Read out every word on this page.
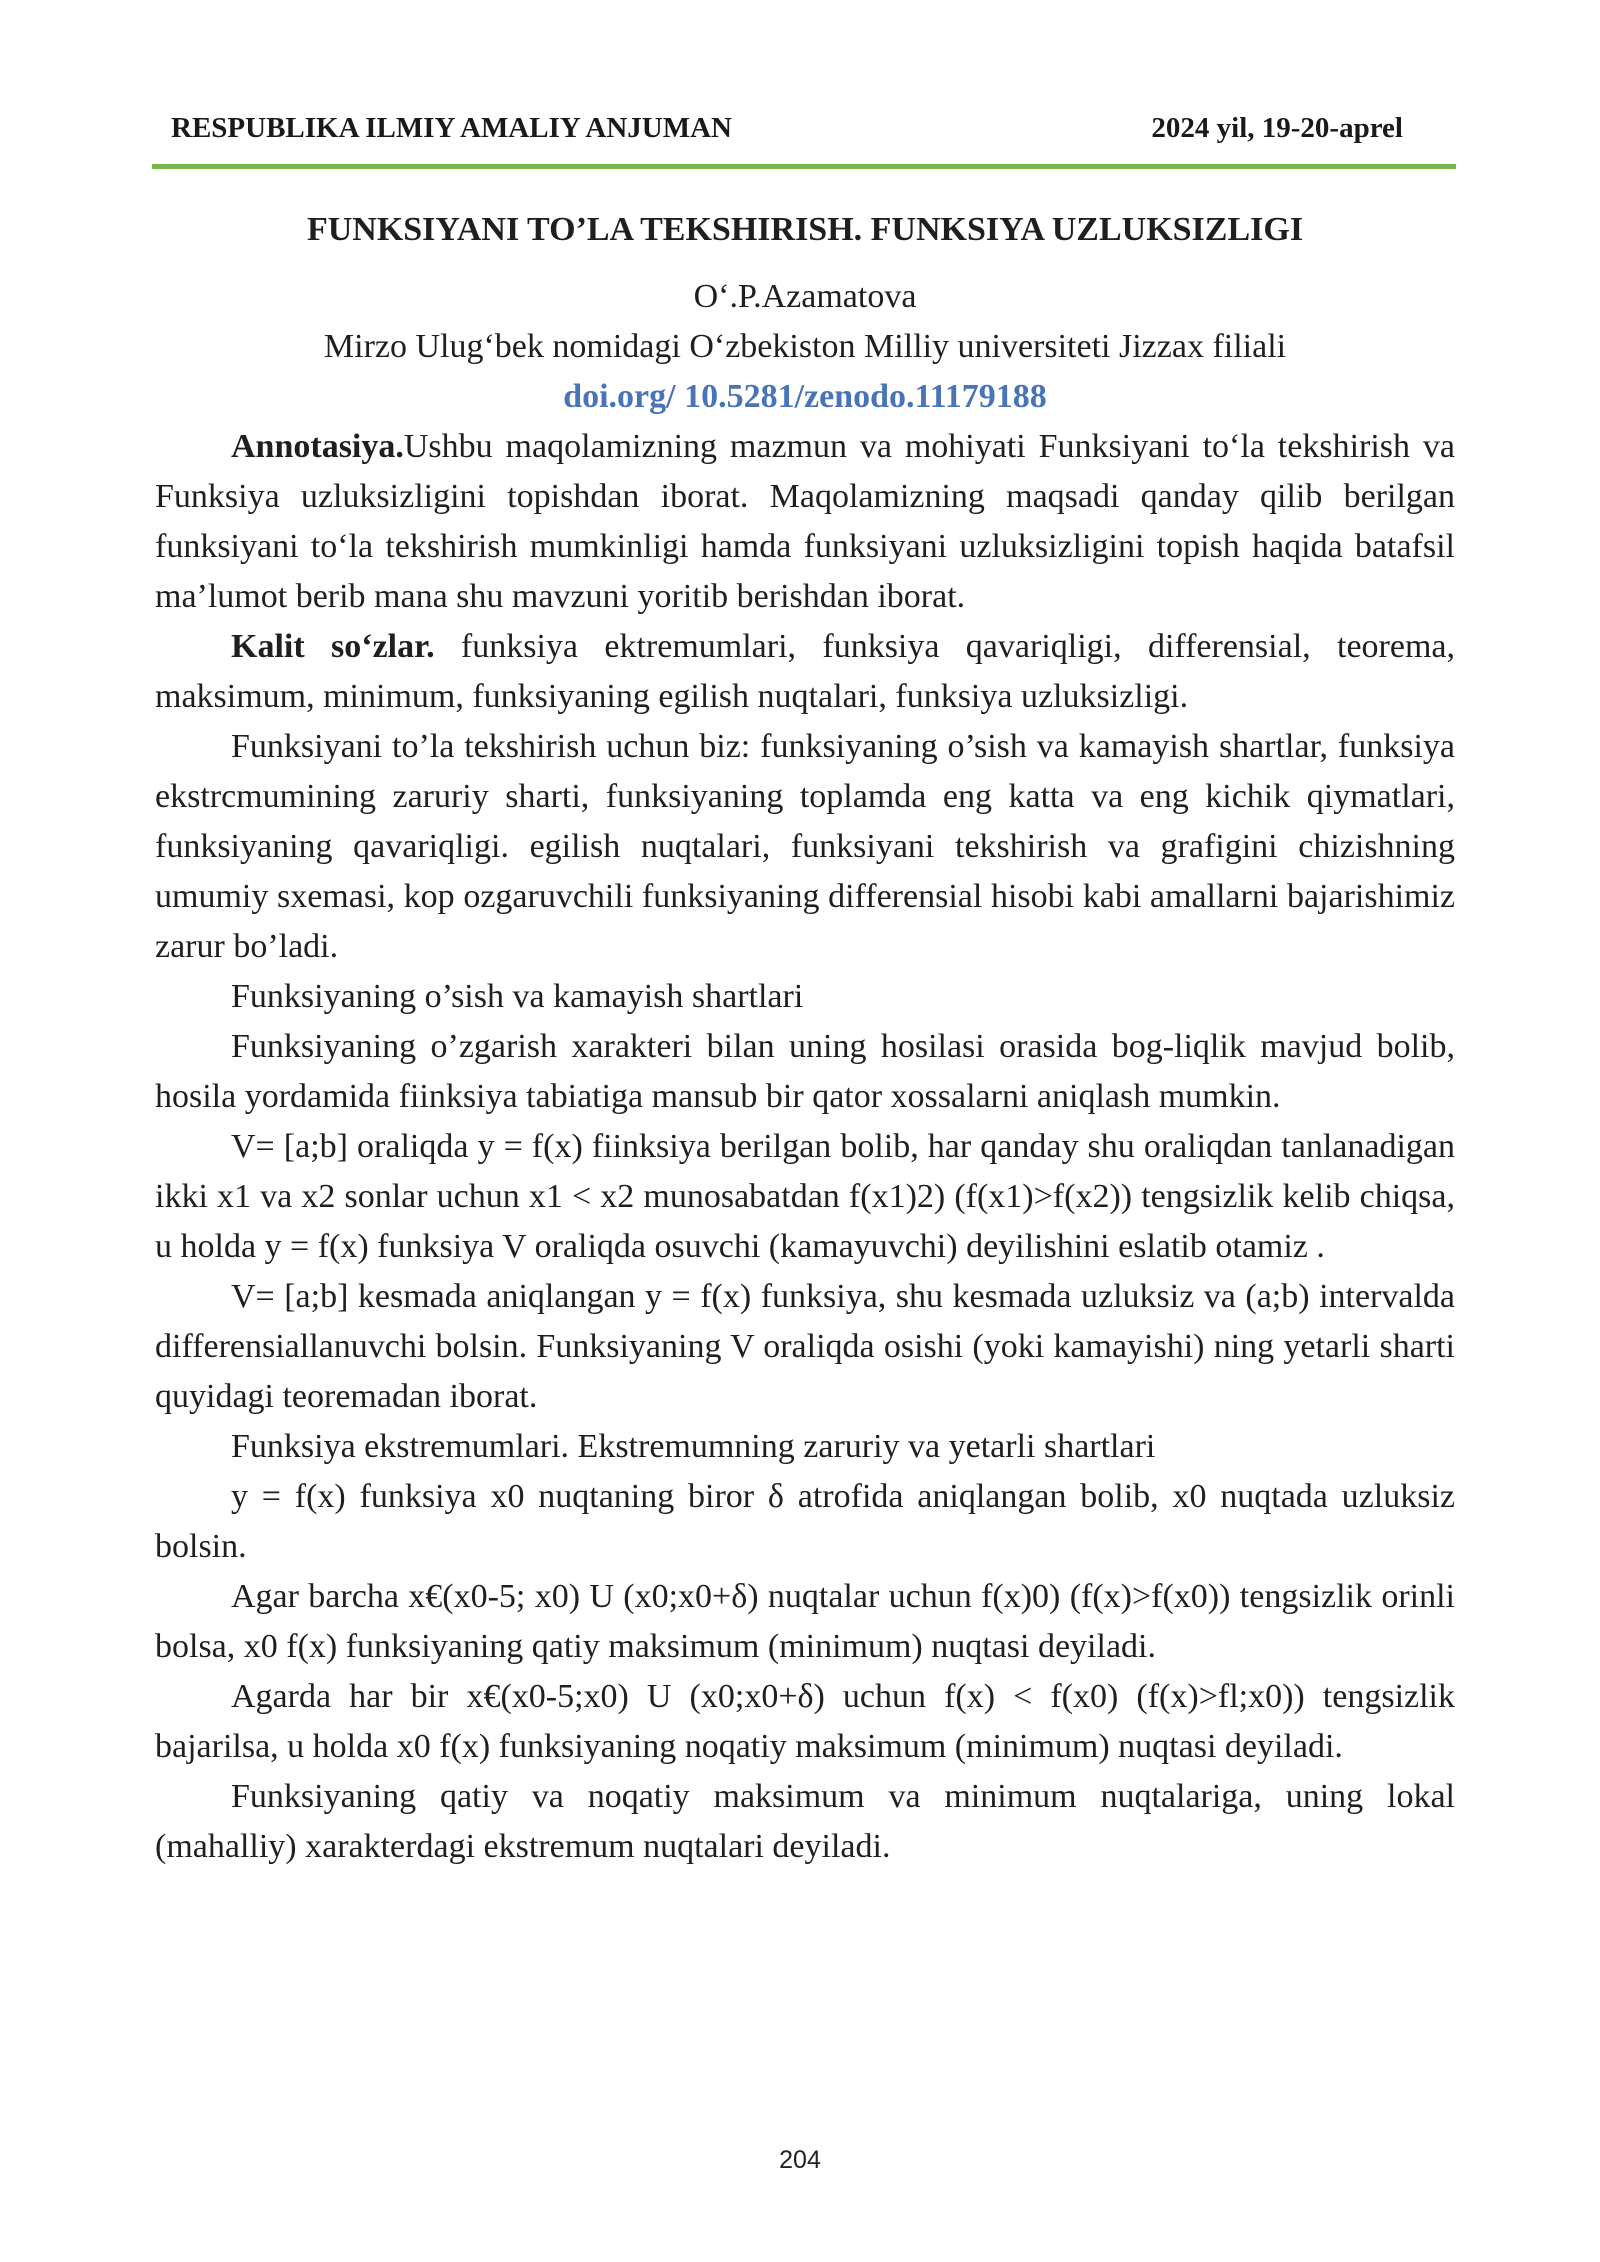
RESPUBLIKA ILMIY AMALIY ANJUMAN	2024 yil, 19-20-aprel
FUNKSIYANI TO’LA TEKSHIRISH. FUNKSIYA UZLUKSIZLIGI

O‘.P.Azamatova

Mirzo Ulug‘bek nomidagi O‘zbekiston Milliy universiteti Jizzax filiali

doi.org/ 10.5281/zenodo.11179188

Annotasiya.Ushbu maqolamizning mazmun va mohiyati Funksiyani to‘la tekshirish va Funksiya uzluksizligini topishdan iborat. Maqolamizning maqsadi qanday qilib berilgan funksiyani to‘la tekshirish mumkinligi hamda funksiyani uzluksizligini topish haqida batafsil ma’lumot berib mana shu mavzuni yoritib berishdan iborat.

Kalit so‘zlar. funksiya ektremumlari, funksiya qavariqligi, differensial, teorema, maksimum, minimum, funksiyaning egilish nuqtalari, funksiya uzluksizligi.

Funksiyani to’la tekshirish uchun biz: funksiyaning o’sish va kamayish shartlar, funksiya ekstrcmumining zaruriy sharti, funksiyaning toplamda eng katta va eng kichik qiymatlari, funksiyaning qavariqligi. egilish nuqtalari, funksiyani tekshirish va grafigini chizishning umumiy sxemasi, kop ozgaruvchili funksiyaning differensial hisobi kabi amallarni bajarishimiz zarur bo’ladi.

Funksiyaning o’sish va kamayish shartlari

Funksiyaning o’zgarish xarakteri bilan uning hosilasi orasida bog-liqlik mavjud bolib, hosila yordamida fiinksiya tabiatiga mansub bir qator xossalarni aniqlash mumkin.

V= [a;b] oraliqda y = f(x) fiinksiya berilgan bolib, har qanday shu oraliqdan tanlanadigan ikki x1 va x2 sonlar uchun x1 < x2 munosabatdan f(x1)2) (f(x1)>f(x2)) tengsizlik kelib chiqsa, u holda y = f(x) funksiya V oraliqda osuvchi (kamayuvchi) deyilishini eslatib otamiz .

V= [a;b] kesmada aniqlangan y = f(x) funksiya, shu kesmada uzluksiz va (a;b) intervalda differensiallanuvchi bolsin. Funksiyaning V oraliqda osishi (yoki kamayishi) ning yetarli sharti quyidagi teoremadan iborat.

Funksiya ekstremumlari. Ekstremumning zaruriy va yetarli shartlari

y = f(x) funksiya x0 nuqtaning biror δ atrofida aniqlangan bolib, x0 nuqtada uzluksiz bolsin.

Agar barcha x€(x0-5; x0) U (x0;x0+δ) nuqtalar uchun f(x)0) (f(x)>f(x0)) tengsizlik orinli bolsa, x0 f(x) funksiyaning qatiy maksimum (minimum) nuqtasi deyiladi.

Agarda har bir x€(x0-5;x0) U (x0;x0+δ) uchun f(x) < f(x0) (f(x)>fl;x0)) tengsizlik bajarilsa, u holda x0 f(x) funksiyaning noqatiy maksimum (minimum) nuqtasi deyiladi.

Funksiyaning qatiy va noqatiy maksimum va minimum nuqtalariga, uning lokal (mahalliy) xarakterdagi ekstremum nuqtalari deyiladi.

204
